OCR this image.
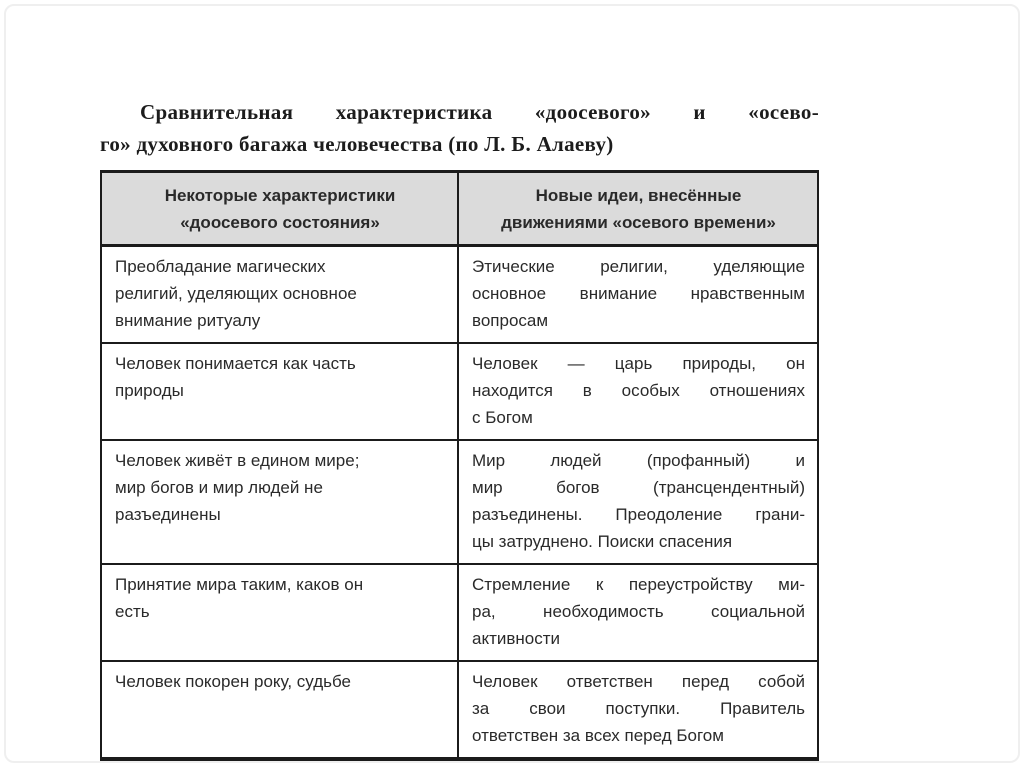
Сравнительная характеристика «доосевого» и «осево-
го» духовного багажа человечества (по Л. Б. Алаеву)
Некоторые характеристики
«доосевого состояния»
Новые идеи, внесённые
движениями «осевого времени»
Преобладание магических
религий, уделяющих основное
внимание ритуалу
Этические религии, уделяющие
основное внимание нравственным
вопросам
Человек понимается как часть
природы
Человек — царь природы, он
находится в особых отношениях
с Богом
Человек живёт в едином мире;
мир богов и мир людей не
разъединены
Мир людей (профанный) и
мир богов (трансцендентный)
разъединены. Преодоление грани-
цы затруднено. Поиски спасения
Принятие мира таким, каков он
есть
Стремление к переустройству ми-
ра, необходимость социальной
активности
Человек покорен року, судьбе	Человек ответствен перед собой
за свои поступки. Правитель
ответствен за всех перед Богом
